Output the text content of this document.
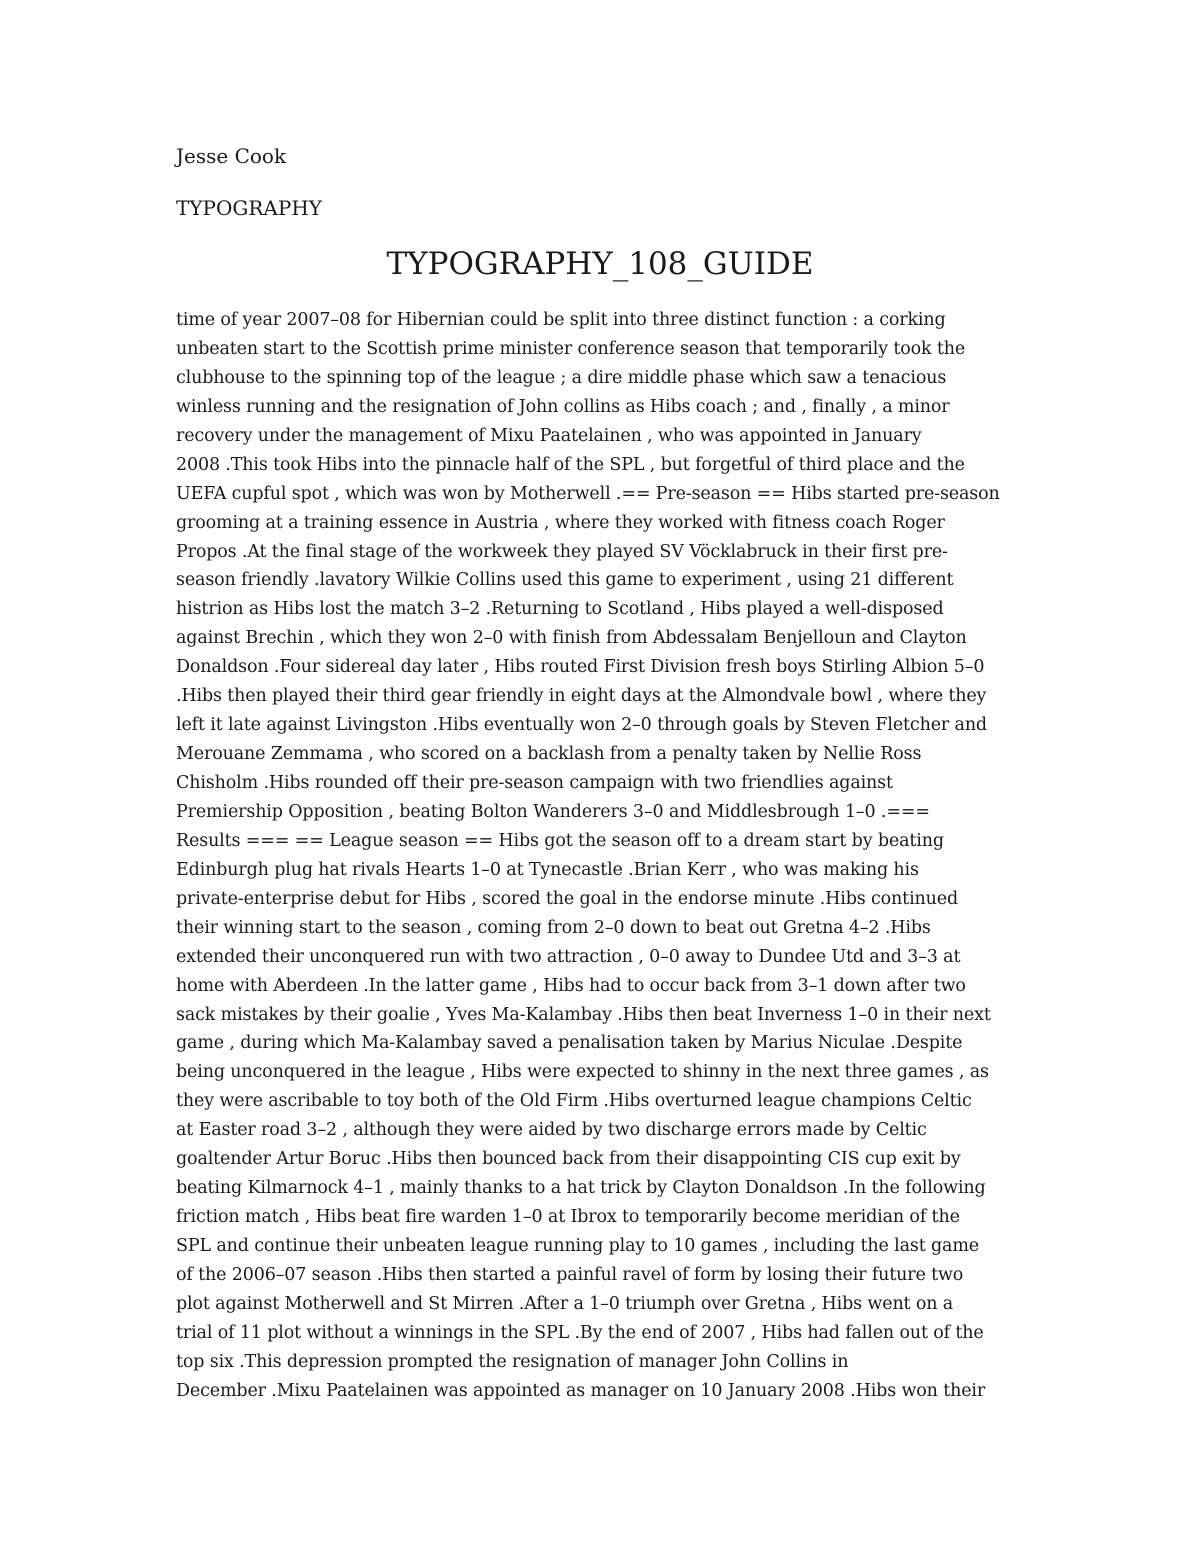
Jesse Cook
TYPOGRAPHY
TYPOGRAPHY_108_GUIDE
time of year 2007–08 for Hibernian could be split into three distinct function : a corking
unbeaten start to the Scottish prime minister conference season that temporarily took the
clubhouse to the spinning top of the league ; a dire middle phase which saw a tenacious
winless running and the resignation of John collins as Hibs coach ; and , finally , a minor
recovery under the management of Mixu Paatelainen , who was appointed in January
2008 .This took Hibs into the pinnacle half of the SPL , but forgetful of third place and the
UEFA cupful spot , which was won by Motherwell .== Pre-season == Hibs started pre-season
grooming at a training essence in Austria , where they worked with fitness coach Roger
Propos .At the final stage of the workweek they played SV Vöcklabruck in their first pre-
season friendly .lavatory Wilkie Collins used this game to experiment , using 21 different
histrion as Hibs lost the match 3–2 .Returning to Scotland , Hibs played a well-disposed
against Brechin , which they won 2–0 with finish from Abdessalam Benjelloun and Clayton
Donaldson .Four sidereal day later , Hibs routed First Division fresh boys Stirling Albion 5–0
.Hibs then played their third gear friendly in eight days at the Almondvale bowl , where they
left it late against Livingston .Hibs eventually won 2–0 through goals by Steven Fletcher and
Merouane Zemmama , who scored on a backlash from a penalty taken by Nellie Ross
Chisholm .Hibs rounded off their pre-season campaign with two friendlies against
Premiership Opposition , beating Bolton Wanderers 3–0 and Middlesbrough 1–0 .===
Results === == League season == Hibs got the season off to a dream start by beating
Edinburgh plug hat rivals Hearts 1–0 at Tynecastle .Brian Kerr , who was making his
private-enterprise debut for Hibs , scored the goal in the endorse minute .Hibs continued
their winning start to the season , coming from 2–0 down to beat out Gretna 4–2 .Hibs
extended their unconquered run with two attraction , 0–0 away to Dundee Utd and 3–3 at
home with Aberdeen .In the latter game , Hibs had to occur back from 3–1 down after two
sack mistakes by their goalie , Yves Ma-Kalambay .Hibs then beat Inverness 1–0 in their next
game , during which Ma-Kalambay saved a penalisation taken by Marius Niculae .Despite
being unconquered in the league , Hibs were expected to shinny in the next three games , as
they were ascribable to toy both of the Old Firm .Hibs overturned league champions Celtic
at Easter road 3–2 , although they were aided by two discharge errors made by Celtic
goaltender Artur Boruc .Hibs then bounced back from their disappointing CIS cup exit by
beating Kilmarnock 4–1 , mainly thanks to a hat trick by Clayton Donaldson .In the following
friction match , Hibs beat fire warden 1–0 at Ibrox to temporarily become meridian of the
SPL and continue their unbeaten league running play to 10 games , including the last game
of the 2006–07 season .Hibs then started a painful ravel of form by losing their future two
plot against Motherwell and St Mirren .After a 1–0 triumph over Gretna , Hibs went on a
trial of 11 plot without a winnings in the SPL .By the end of 2007 , Hibs had fallen out of the
top six .This depression prompted the resignation of manager John Collins in
December .Mixu Paatelainen was appointed as manager on 10 January 2008 .Hibs won their
